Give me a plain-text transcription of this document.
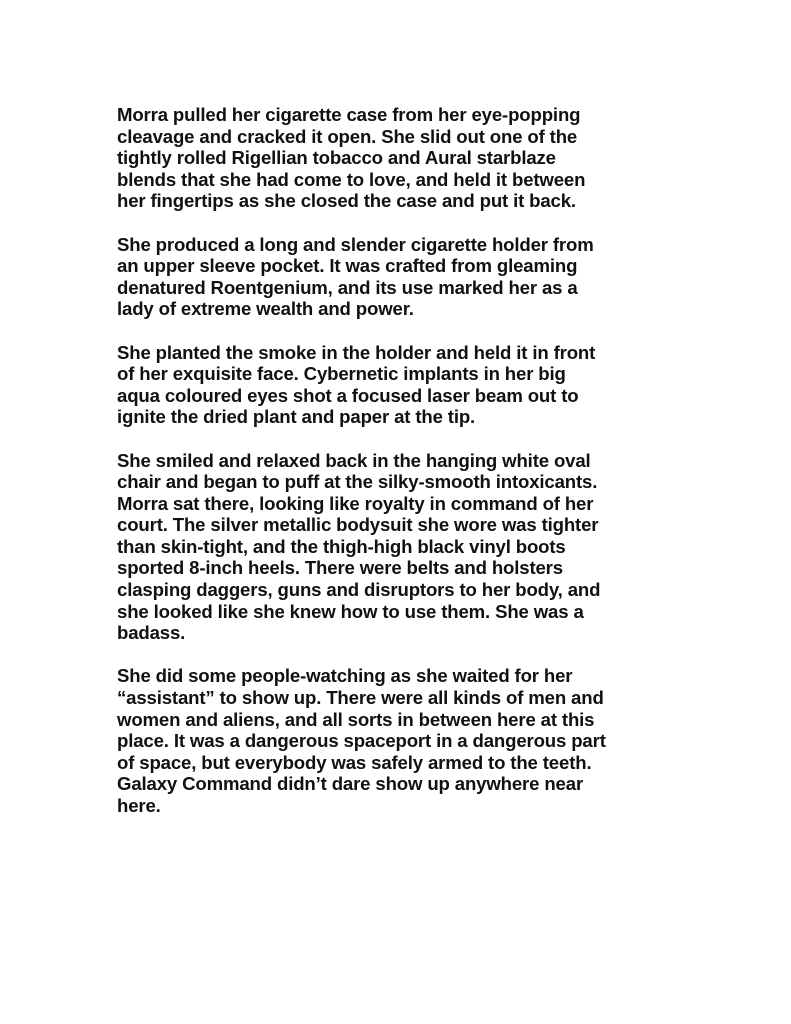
Morra pulled her cigarette case from her eye-popping
cleavage and cracked it open. She slid out one of the
tightly rolled Rigellian tobacco and Aural starblaze
blends that she had come to love, and held it between
her fingertips as she closed the case and put it back.

She produced a long and slender cigarette holder from
an upper sleeve pocket. It was crafted from gleaming
denatured Roentgenium, and its use marked her as a
lady of extreme wealth and power.

She planted the smoke in the holder and held it in front
of her exquisite face. Cybernetic implants in her big
aqua coloured eyes shot a focused laser beam out to
ignite the dried plant and paper at the tip.

She smiled and relaxed back in the hanging white oval
chair and began to puff at the silky-smooth intoxicants.
Morra sat there, looking like royalty in command of her
court. The silver metallic bodysuit she wore was tighter
than skin-tight, and the thigh-high black vinyl boots
sported 8-inch heels. There were belts and holsters
clasping daggers, guns and disruptors to her body, and
she looked like she knew how to use them. She was a
badass.

She did some people-watching as she waited for her
“assistant” to show up. There were all kinds of men and
women and aliens, and all sorts in between here at this
place. It was a dangerous spaceport in a dangerous part
of space, but everybody was safely armed to the teeth.
Galaxy Command didn’t dare show up anywhere near
here.
